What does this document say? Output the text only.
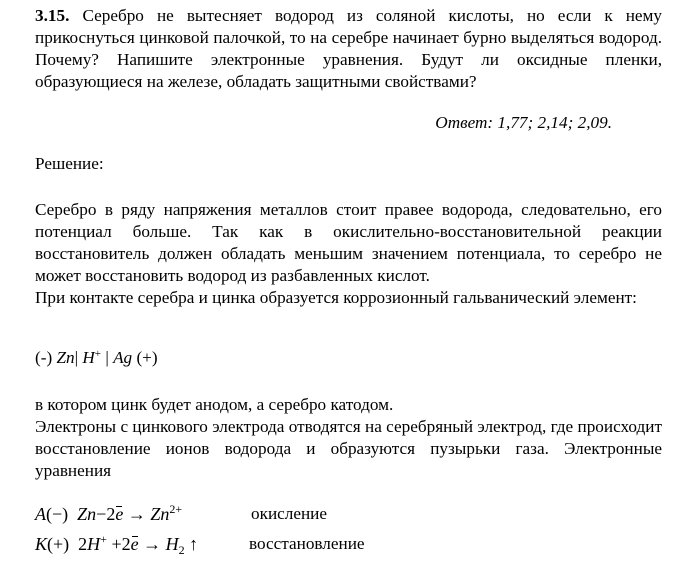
3.15. Серебро не вытесняет водород из соляной кислоты, но если к нему прикоснуться цинковой палочкой, то на серебре начинает бурно выделяться водород. Почему? Напишите электронные уравнения. Будут ли оксидные пленки, образующиеся на железе, обладать защитными свойствами?

Ответ: 1,77; 2,14; 2,09.
Решение:

Серебро в ряду напряжения металлов стоит правее водорода, следовательно, его потенциал больше. Так как в окислительно-восстановительной реакции восстановитель должен обладать меньшим значением потенциала, то серебро не может восстановить водород из разбавленных кислот.

При контакте серебра и цинка образуется коррозионный гальванический элемент:

(-) Zn| H+ | Ag (+)
в котором цинк будет анодом, а серебро катодом.

Электроны с цинкового электрода отводятся на серебряный электрод, где происходит восстановление ионов водорода и образуются пузырьки газа. Электронные уравнения

A(−) $Zn-2e \to Zn^{2+}$	окисление
K(+) $2H^+ +2e \to H_2$ ↑	восстановление
